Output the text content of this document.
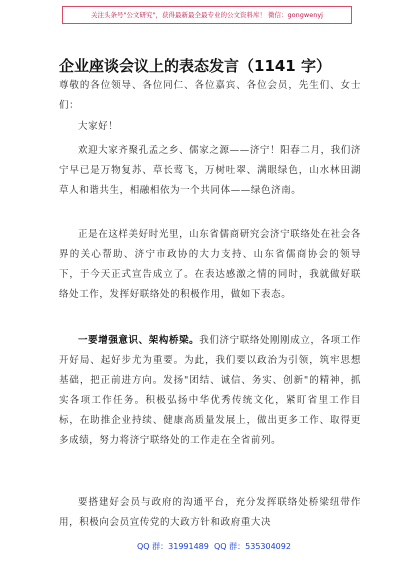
关注头条号"公文研究"，获得最新最全最专业的公文资料库！ 微信：gongwenyj
企业座谈会议上的表态发言（1141 字）

尊敬的各位领导、各位同仁、各位嘉宾、各位会员，先生们、女士们：

大家好！

欢迎大家齐聚孔孟之乡、儒家之源——济宁！阳春二月，我们济宁早已是万物复苏、草长莺飞，万树吐翠、满眼绿色，山水林田湖草人和谐共生，相融相依为一个共同体——绿色济南。

正是在这样美好时光里，山东省儒商研究会济宁联络处在社会各界的关心帮助、济宁市政协的大力支持、山东省儒商协会的领导下，于今天正式宣告成立了。在表达感激之情的同时，我就做好联络处工作，发挥好联络处的积极作用，做如下表态。

一要增强意识、架构桥梁。我们济宁联络处刚刚成立，各项工作开好局、起好步尤为重要。为此，我们要以政治为引领，筑牢思想基础，把正前进方向。发扬"团结、诚信、务实、创新"的精神，抓实各项工作任务。积极弘扬中华优秀传统文化，紧盯省里工作目标，在助推企业持续、健康高质量发展上，做出更多工作、取得更多成绩，努力将济宁联络处的工作走在全省前列。

要搭建好会员与政府的沟通平台，充分发挥联络处桥梁纽带作用，积极向会员宣传党的大政方针和政府重大决

QQ 群：31991489 QQ 群：535304092
